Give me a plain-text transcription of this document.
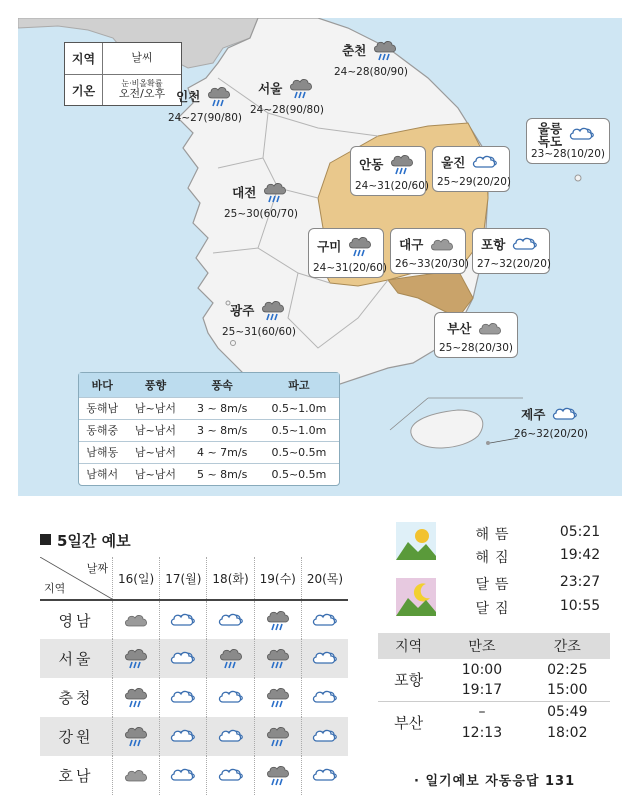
지역	날씨
기온
눈·비올확률
오전/오후 인천
24~27(90/80)
서울
24~28(90/80)
춘천
24~28(80/90)
울릉
독도
23~28(10/20)
안동
24~31(20/60)
울진
25~29(20/20)
대전
25~30(60/70)
구미
24~31(20/60)
대구
26~33(20/30)
포항
27~32(20/20)
광주
25~31(60/60)	부산
25~28(20/30)
제주
26~32(20/20)
바다	풍향	풍속	파고
동해남	남~남서	3 ~ 8m/s	0.5~1.0m
동해중	남~남서	3 ~ 8m/s	0.5~1.0m
남해동	남~남서	4 ~ 7m/s	0.5~0.5m
남해서	남~남서	5 ~ 8m/s	0.5~0.5m
5일간 예보
날짜
지역	16(일)	17(월)	18(화)	19(수)	20(목)
영남					
서울					
충청					
강원					
호남					
해뜸	05:21
해짐	19:42
달뜸	23:27
달짐	10:55
지역	만조	간조
포항	10:00	02:25
	19:17	15:00
부산	–	05:49
	12:13	18:02
· 일기예보 자동응답 131
